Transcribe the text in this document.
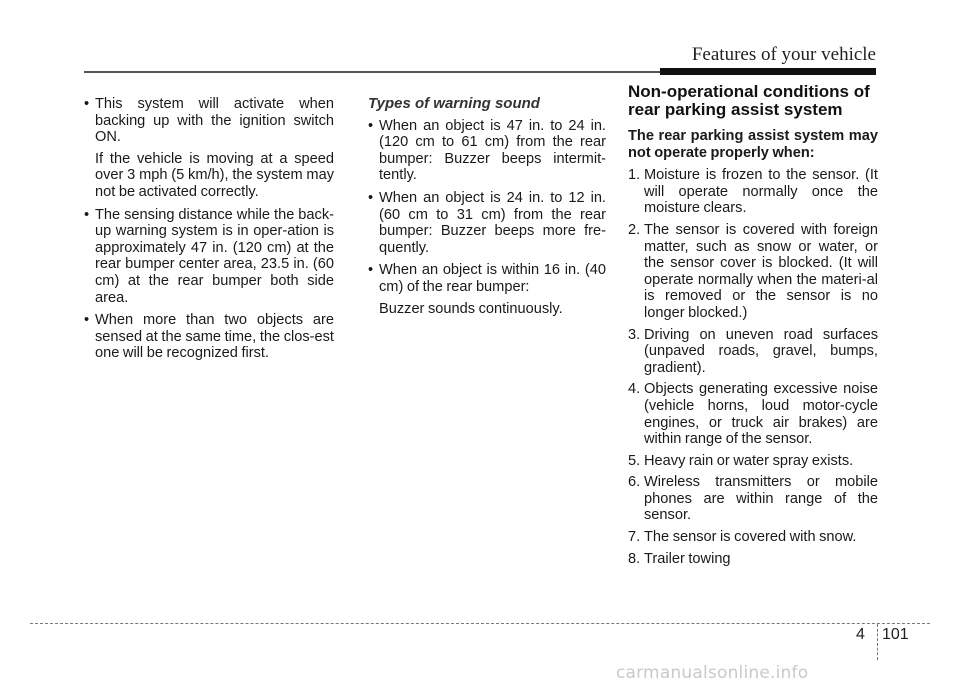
Features of your vehicle
• This system will activate when backing up with the ignition switch ON.

If the vehicle is moving at a speed over 3 mph (5 km/h), the system may not be activated correctly.

• The sensing distance while the back-up warning system is in oper-ation is approximately 47 in. (120 cm) at the rear bumper center area, 23.5 in. (60 cm) at the rear bumper both side area.
• When more than two objects are sensed at the same time, the clos-est one will be recognized first.
Types of warning sound
• When an object is 47 in. to 24 in. (120 cm to 61 cm) from the rear bumper: Buzzer beeps intermit-tently.
• When an object is 24 in. to 12 in. (60 cm to 31 cm) from the rear bumper: Buzzer beeps more fre-quently.
• When an object is within 16 in. (40 cm) of the rear bumper:

Buzzer sounds continuously.

Non-operational conditions of rear parking assist system
The rear parking assist system may not operate properly when:
1. Moisture is frozen to the sensor. (It will operate normally once the moisture clears.
2. The sensor is covered with foreign matter, such as snow or water, or the sensor cover is blocked. (It will operate normally when the materi-al is removed or the sensor is no longer blocked.)
3. Driving on uneven road surfaces (unpaved roads, gravel, bumps, gradient).
4. Objects generating excessive noise (vehicle horns, loud motor-cycle engines, or truck air brakes) are within range of the sensor.
5. Heavy rain or water spray exists.
6. Wireless transmitters or mobile phones are within range of the sensor.
7. The sensor is covered with snow.
8. Trailer towing
4 101
carmanualsonline.info
